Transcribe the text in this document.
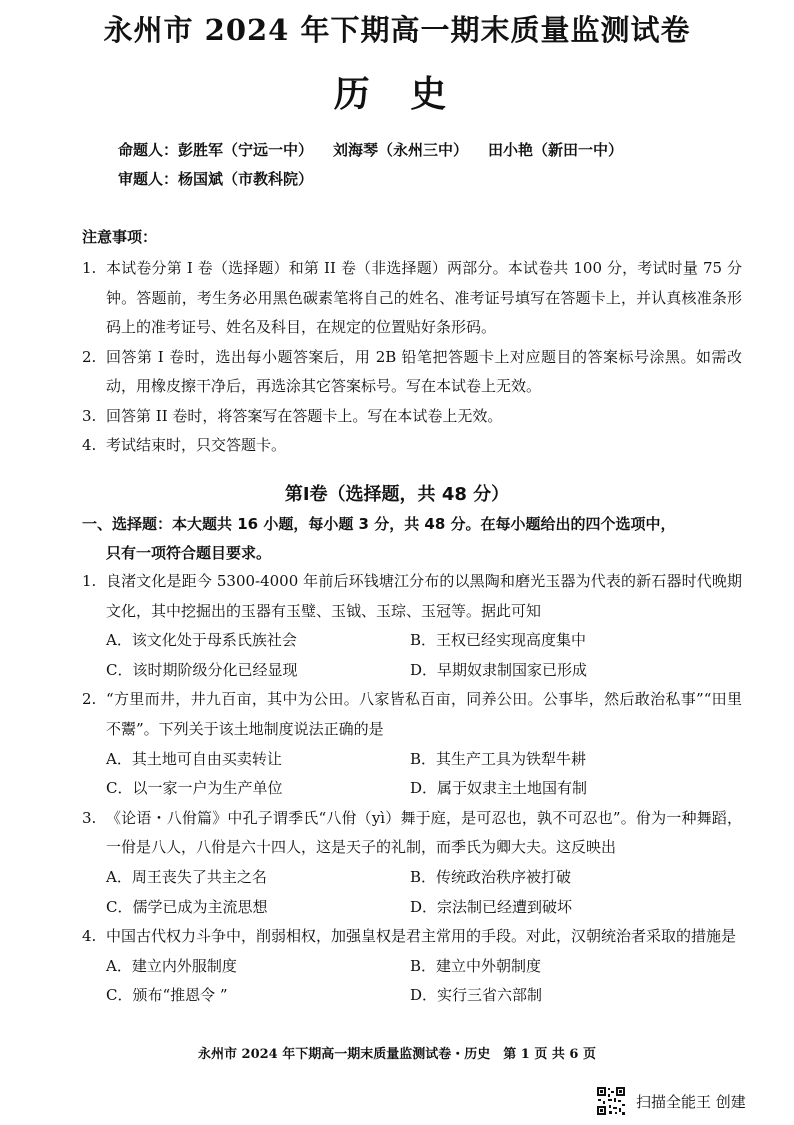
永州市 2024 年下期高一期末质量监测试卷
历 史
命题人：彭胜军（宁远一中） 刘海琴（永州三中） 田小艳（新田一中）
审题人：杨国斌（市教科院）
注意事项：
1. 本试卷分第 I 卷（选择题）和第 II 卷（非选择题）两部分。本试卷共 100 分，考试时量 75 分钟。答题前，考生务必用黑色碳素笔将自己的姓名、准考证号填写在答题卡上，并认真核准条形码上的准考证号、姓名及科目，在规定的位置贴好条形码。
2. 回答第 I 卷时，选出每小题答案后，用 2B 铅笔把答题卡上对应题目的答案标号涂黑。如需改动，用橡皮擦干净后，再选涂其它答案标号。写在本试卷上无效。
3. 回答第 II 卷时，将答案写在答题卡上。写在本试卷上无效。
4. 考试结束时，只交答题卡。
第I卷（选择题，共 48 分）
一、选择题：本大题共 16 小题，每小题 3 分，共 48 分。在每小题给出的四个选项中，
只有一项符合题目要求。
1. 良渚文化是距今 5300-4000 年前后环钱塘江分布的以黑陶和磨光玉器为代表的新石器时代晚期文化，其中挖掘出的玉器有玉璧、玉钺、玉琮、玉冠等。据此可知
A．该文化处于母系氏族社会	B．王权已经实现高度集中
C．该时期阶级分化已经显现	D．早期奴隶制国家已形成
2. “方里而井，井九百亩，其中为公田。八家皆私百亩，同养公田。公事毕，然后敢治私事”“田里不鬻”。下列关于该土地制度说法正确的是
A．其土地可自由买卖转让	B．其生产工具为铁犁牛耕
C．以一家一户为生产单位	D．属于奴隶主土地国有制
3. 《论语・八佾篇》中孔子谓季氏“八佾（yì）舞于庭，是可忍也，孰不可忍也”。佾为一种舞蹈，一佾是八人，八佾是六十四人，这是天子的礼制，而季氏为卿大夫。这反映出
A．周王丧失了共主之名	B．传统政治秩序被打破
C．儒学已成为主流思想	D．宗法制已经遭到破坏
4. 中国古代权力斗争中，削弱相权，加强皇权是君主常用的手段。对此，汉朝统治者采取的措施是
A．建立内外服制度	B．建立中外朝制度
C．颁布“推恩令 ”	D．实行三省六部制
永州市 2024 年下期高一期末质量监测试卷・历史　第 1 页 共 6 页
扫描全能王 创建
